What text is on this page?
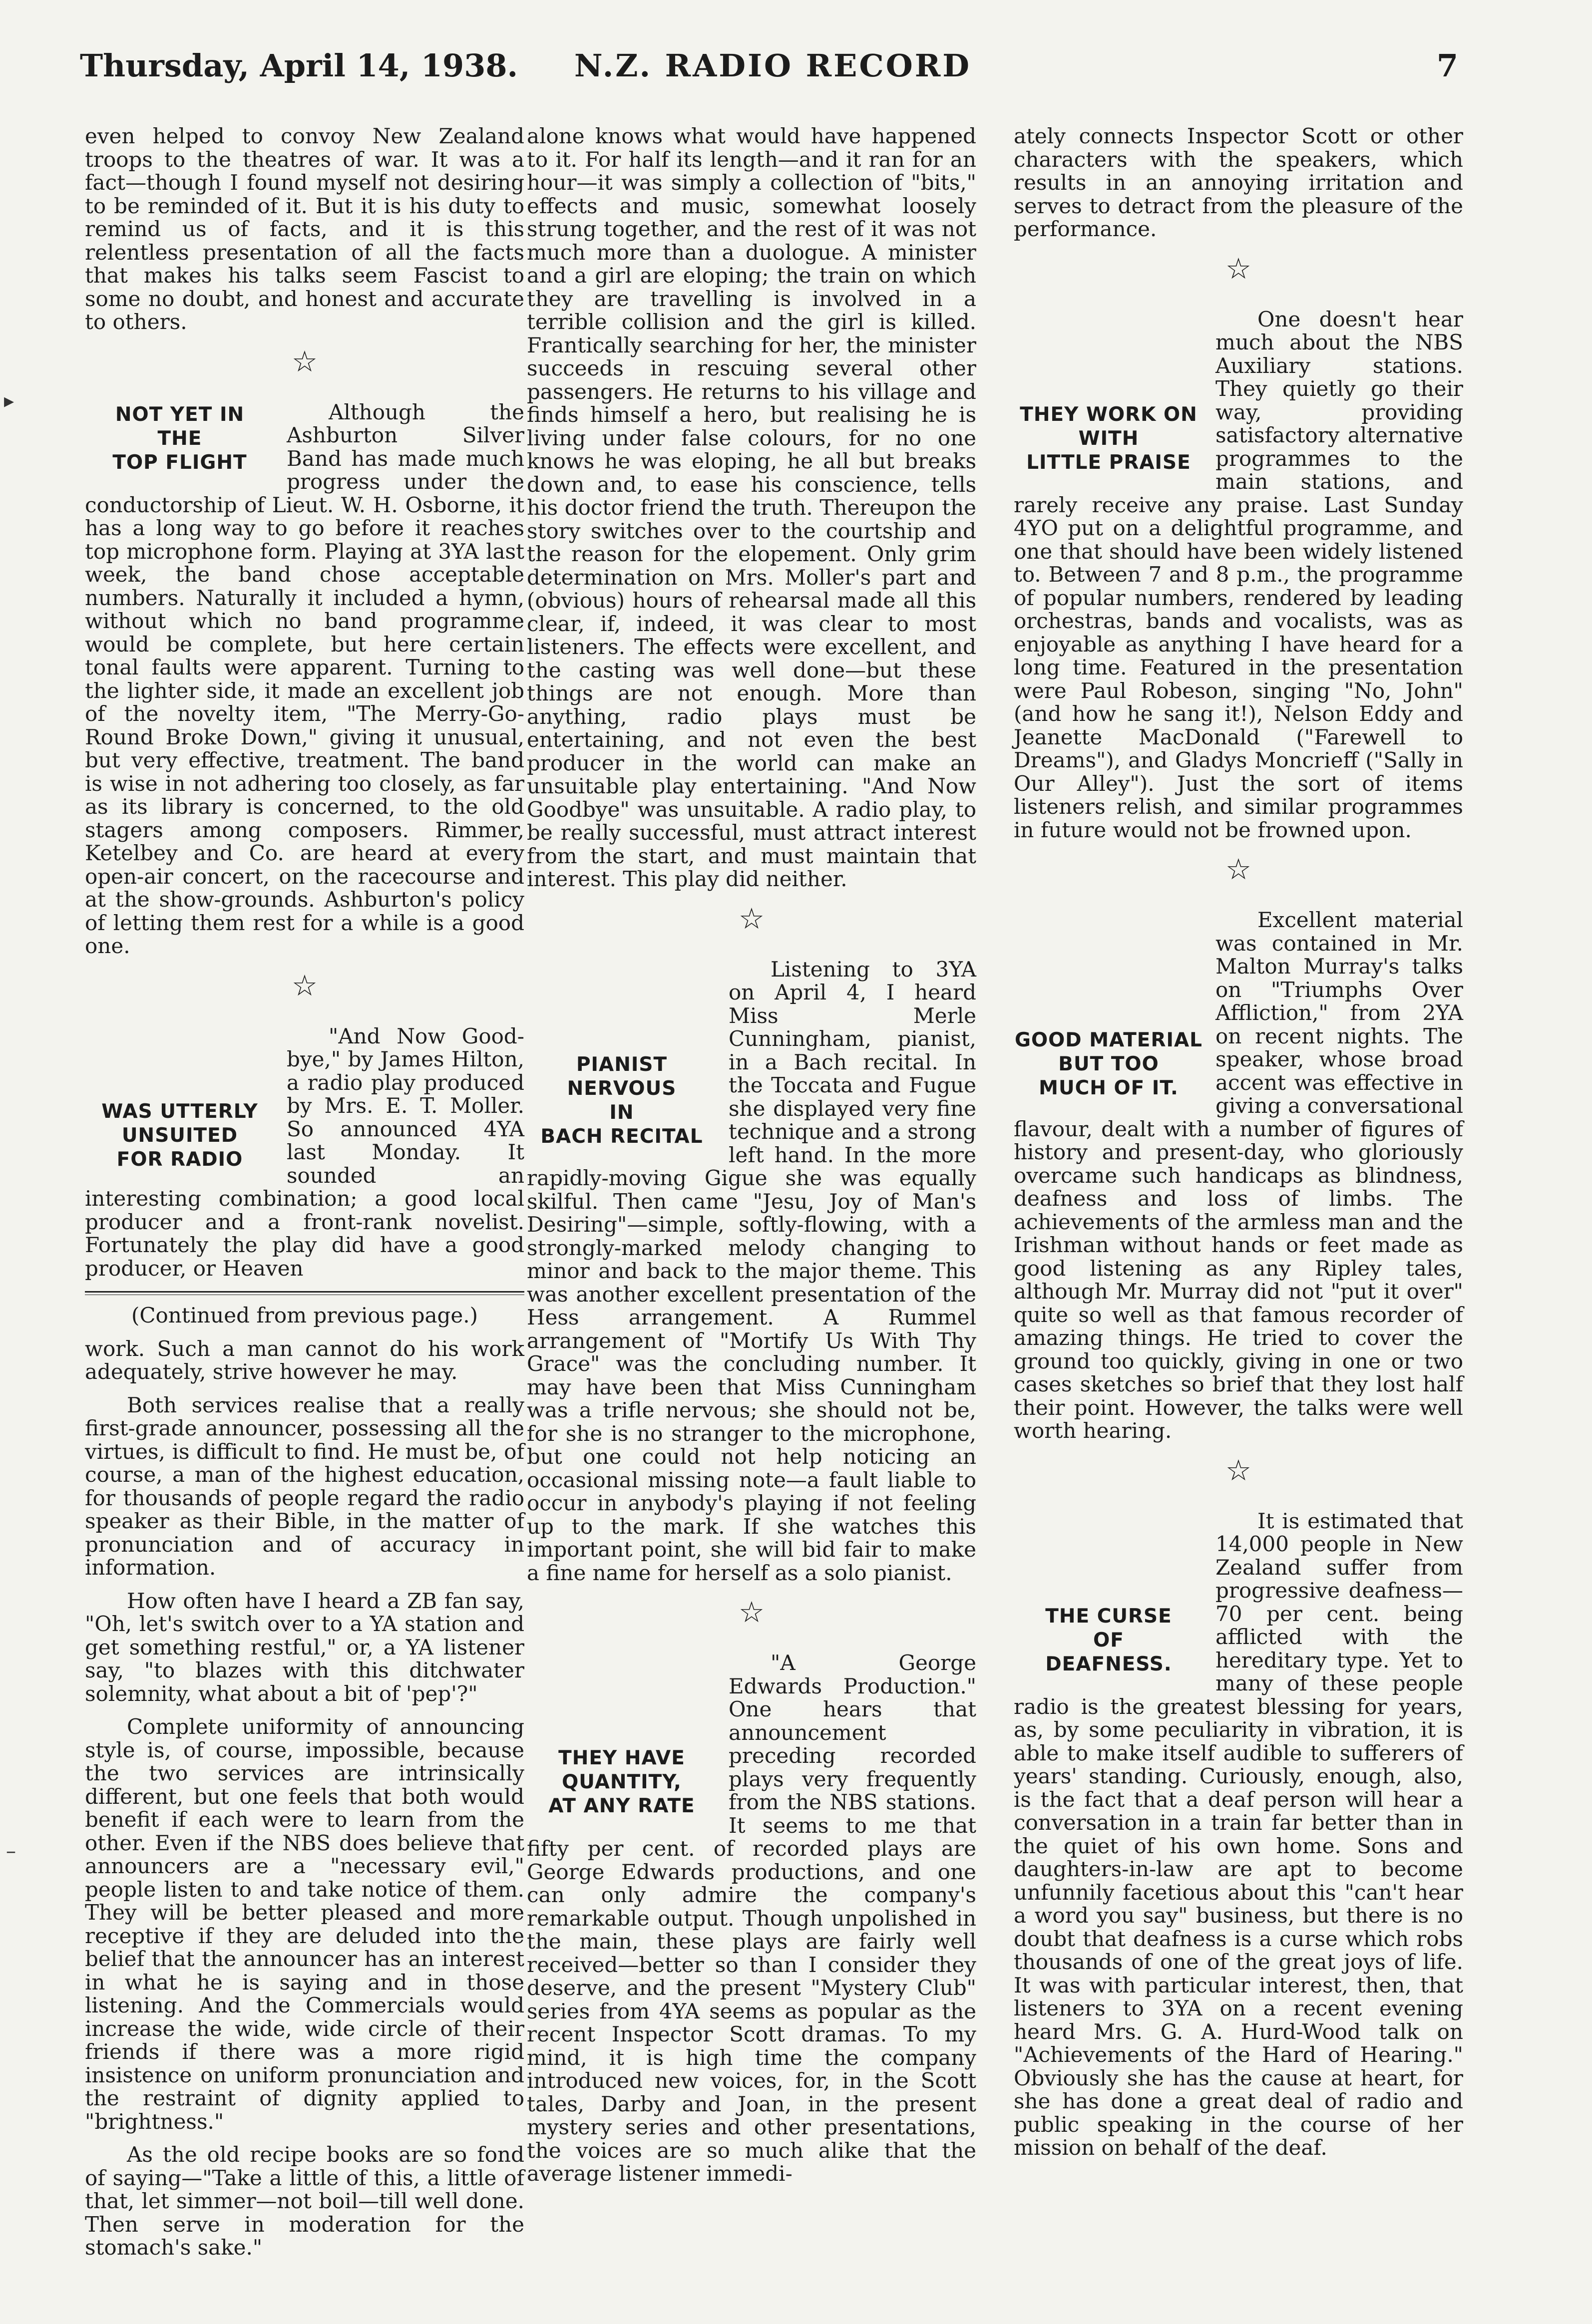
Thursday, April 14, 1938. N.Z. RADIO RECORD	7

even helped to convoy New Zealand troops to the theatres of war. It was a fact—though I found myself not desiring to be reminded of it. But it is his duty to remind us of facts, and it is this relentless presentation of all the facts that makes his talks seem Fascist to some no doubt, and honest and accurate to others.

☆
NOT YET IN
THE
TOP FLIGHT

Although the Ashburton Silver Band has made much progress under the conductorship of Lieut. W. H. Osborne, it has a long way to go before it reaches top microphone form. Playing at 3YA last week, the band chose acceptable numbers. Naturally it included a hymn, without which no band programme would be complete, but here certain tonal faults were apparent. Turning to the lighter side, it made an excellent job of the novelty item, "The Merry-Go-Round Broke Down," giving it unusual, but very effective, treatment. The band is wise in not adhering too closely, as far as its library is concerned, to the old stagers among composers. Rimmer, Ketelbey and Co. are heard at every open-air concert, on the racecourse and at the show-grounds. Ashburton's policy of letting them rest for a while is a good one.

☆
WAS UTTERLY
UNSUITED
FOR RADIO

"And Now Good-bye," by James Hilton, a radio play produced by Mrs. E. T. Moller. So announced 4YA last Monday. It sounded an interesting combination; a good local producer and a front-rank novelist. Fortunately the play did have a good producer, or Heaven

(Continued from previous page.)

work. Such a man cannot do his work adequately, strive however he may.

Both services realise that a really first-grade announcer, possessing all the virtues, is difficult to find. He must be, of course, a man of the highest education, for thousands of people regard the radio speaker as their Bible, in the matter of pronunciation and of accuracy in information.

How often have I heard a ZB fan say, "Oh, let's switch over to a YA station and get something restful," or, a YA listener say, "to blazes with this ditchwater solemnity, what about a bit of 'pep'?"

Complete uniformity of announcing style is, of course, impossible, because the two services are intrinsically different, but one feels that both would benefit if each were to learn from the other. Even if the NBS does believe that announcers are a "necessary evil," people listen to and take notice of them. They will be better pleased and more receptive if they are deluded into the belief that the announcer has an interest in what he is saying and in those listening. And the Commercials would increase the wide, wide circle of their friends if there was a more rigid insistence on uniform pronunciation and the restraint of dignity applied to "brightness."

As the old recipe books are so fond of saying—"Take a little of this, a little of that, let simmer—not boil—till well done. Then serve in moderation for the stomach's sake."

alone knows what would have happened to it. For half its length—and it ran for an hour—it was simply a collection of "bits," effects and music, somewhat loosely strung together, and the rest of it was not much more than a duologue. A minister and a girl are eloping; the train on which they are travelling is involved in a terrible collision and the girl is killed. Frantically searching for her, the minister succeeds in rescuing several other passengers. He returns to his village and finds himself a hero, but realising he is living under false colours, for no one knows he was eloping, he all but breaks down and, to ease his conscience, tells his doctor friend the truth. Thereupon the story switches over to the courtship and the reason for the elopement. Only grim determination on Mrs. Moller's part and (obvious) hours of rehearsal made all this clear, if, indeed, it was clear to most listeners. The effects were excellent, and the casting was well done—but these things are not enough. More than anything, radio plays must be entertaining, and not even the best producer in the world can make an unsuitable play entertaining. "And Now Goodbye" was unsuitable. A radio play, to be really successful, must attract interest from the start, and must maintain that interest. This play did neither.

☆
PIANIST NERVOUS
IN
BACH RECITAL

Listening to 3YA on April 4, I heard Miss Merle Cunningham, pianist, in a Bach recital. In the Toccata and Fugue she displayed very fine technique and a strong left hand. In the more rapidly-moving Gigue she was equally skilful. Then came "Jesu, Joy of Man's Desiring"—simple, softly-flowing, with a strongly-marked melody changing to minor and back to the major theme. This was another excellent presentation of the Hess arrangement. A Rummel arrangement of "Mortify Us With Thy Grace" was the concluding number. It may have been that Miss Cunningham was a trifle nervous; she should not be, for she is no stranger to the microphone, but one could not help noticing an occasional missing note—a fault liable to occur in anybody's playing if not feeling up to the mark. If she watches this important point, she will bid fair to make a fine name for herself as a solo pianist.

☆
THEY HAVE
QUANTITY,
AT ANY RATE

"A George Edwards Production." One hears that announcement preceding recorded plays very frequently from the NBS stations. It seems to me that fifty per cent. of recorded plays are George Edwards productions, and one can only admire the company's remarkable output. Though unpolished in the main, these plays are fairly well received—better so than I consider they deserve, and the present "Mystery Club" series from 4YA seems as popular as the recent Inspector Scott dramas. To my mind, it is high time the company introduced new voices, for, in the Scott tales, Darby and Joan, in the present mystery series and other presentations, the voices are so much alike that the average listener immedi-

ately connects Inspector Scott or other characters with the speakers, which results in an annoying irritation and serves to detract from the pleasure of the performance.

☆
THEY WORK ON
WITH
LITTLE PRAISE

One doesn't hear much about the NBS Auxiliary stations. They quietly go their way, providing satisfactory alternative programmes to the main stations, and rarely receive any praise. Last Sunday 4YO put on a delightful programme, and one that should have been widely listened to. Between 7 and 8 p.m., the programme of popular numbers, rendered by leading orchestras, bands and vocalists, was as enjoyable as anything I have heard for a long time. Featured in the presentation were Paul Robeson, singing "No, John" (and how he sang it!), Nelson Eddy and Jeanette MacDonald ("Farewell to Dreams"), and Gladys Moncrieff ("Sally in Our Alley"). Just the sort of items listeners relish, and similar programmes in future would not be frowned upon.

☆
GOOD MATERIAL
BUT TOO
MUCH OF IT.

Excellent material was contained in Mr. Malton Murray's talks on "Triumphs Over Affliction," from 2YA on recent nights. The speaker, whose broad accent was effective in giving a conversational flavour, dealt with a number of figures of history and present-day, who gloriously overcame such handicaps as blindness, deafness and loss of limbs. The achievements of the armless man and the Irishman without hands or feet made as good listening as any Ripley tales, although Mr. Murray did not "put it over" quite so well as that famous recorder of amazing things. He tried to cover the ground too quickly, giving in one or two cases sketches so brief that they lost half their point. However, the talks were well worth hearing.

☆
THE CURSE
OF
DEAFNESS.

It is estimated that 14,000 people in New Zealand suffer from progressive deafness—70 per cent. being afflicted with the hereditary type. Yet to many of these people radio is the greatest blessing for years, as, by some peculiarity in vibration, it is able to make itself audible to sufferers of years' standing. Curiously, enough, also, is the fact that a deaf person will hear a conversation in a train far better than in the quiet of his own home. Sons and daughters-in-law are apt to become unfunnily facetious about this "can't hear a word you say" business, but there is no doubt that deafness is a curse which robs thousands of one of the great joys of life. It was with particular interest, then, that listeners to 3YA on a recent evening heard Mrs. G. A. Hurd-Wood talk on "Achievements of the Hard of Hearing." Obviously she has the cause at heart, for she has done a great deal of radio and public speaking in the course of her mission on behalf of the deaf.

▸
–
